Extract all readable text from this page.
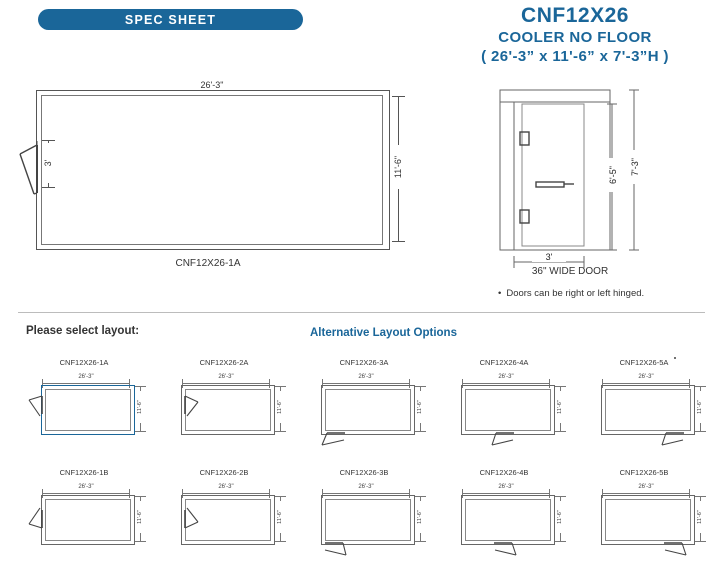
SPEC SHEET	CNF12X26
COOLER NO FLOOR
( 26'-3” x 11'-6” x 7'-3”H )
26'-3"
11'-6"
3'
CNF12X26-1A
3'
6'-5" 7'-3"
36" WIDE DOOR
• Doors can be right or left hinged.
Please select layout:	Alternative Layout Options
CNF12X26-1A
26'-3"
11'-6"
CNF12X26-2A
26'-3"
11'-6"
CNF12X26-3A
26'-3"
11'-6"
CNF12X26-4A
26'-3"
11'-6"
CNF12X26-5A
26'-3"
11'-6"
CNF12X26-1B
26'-3"
11'-6"
CNF12X26-2B
26'-3"
11'-6"
CNF12X26-3B
26'-3"
11'-6"
CNF12X26-4B
26'-3"
11'-6"
CNF12X26-5B
26'-3"
11'-6"
